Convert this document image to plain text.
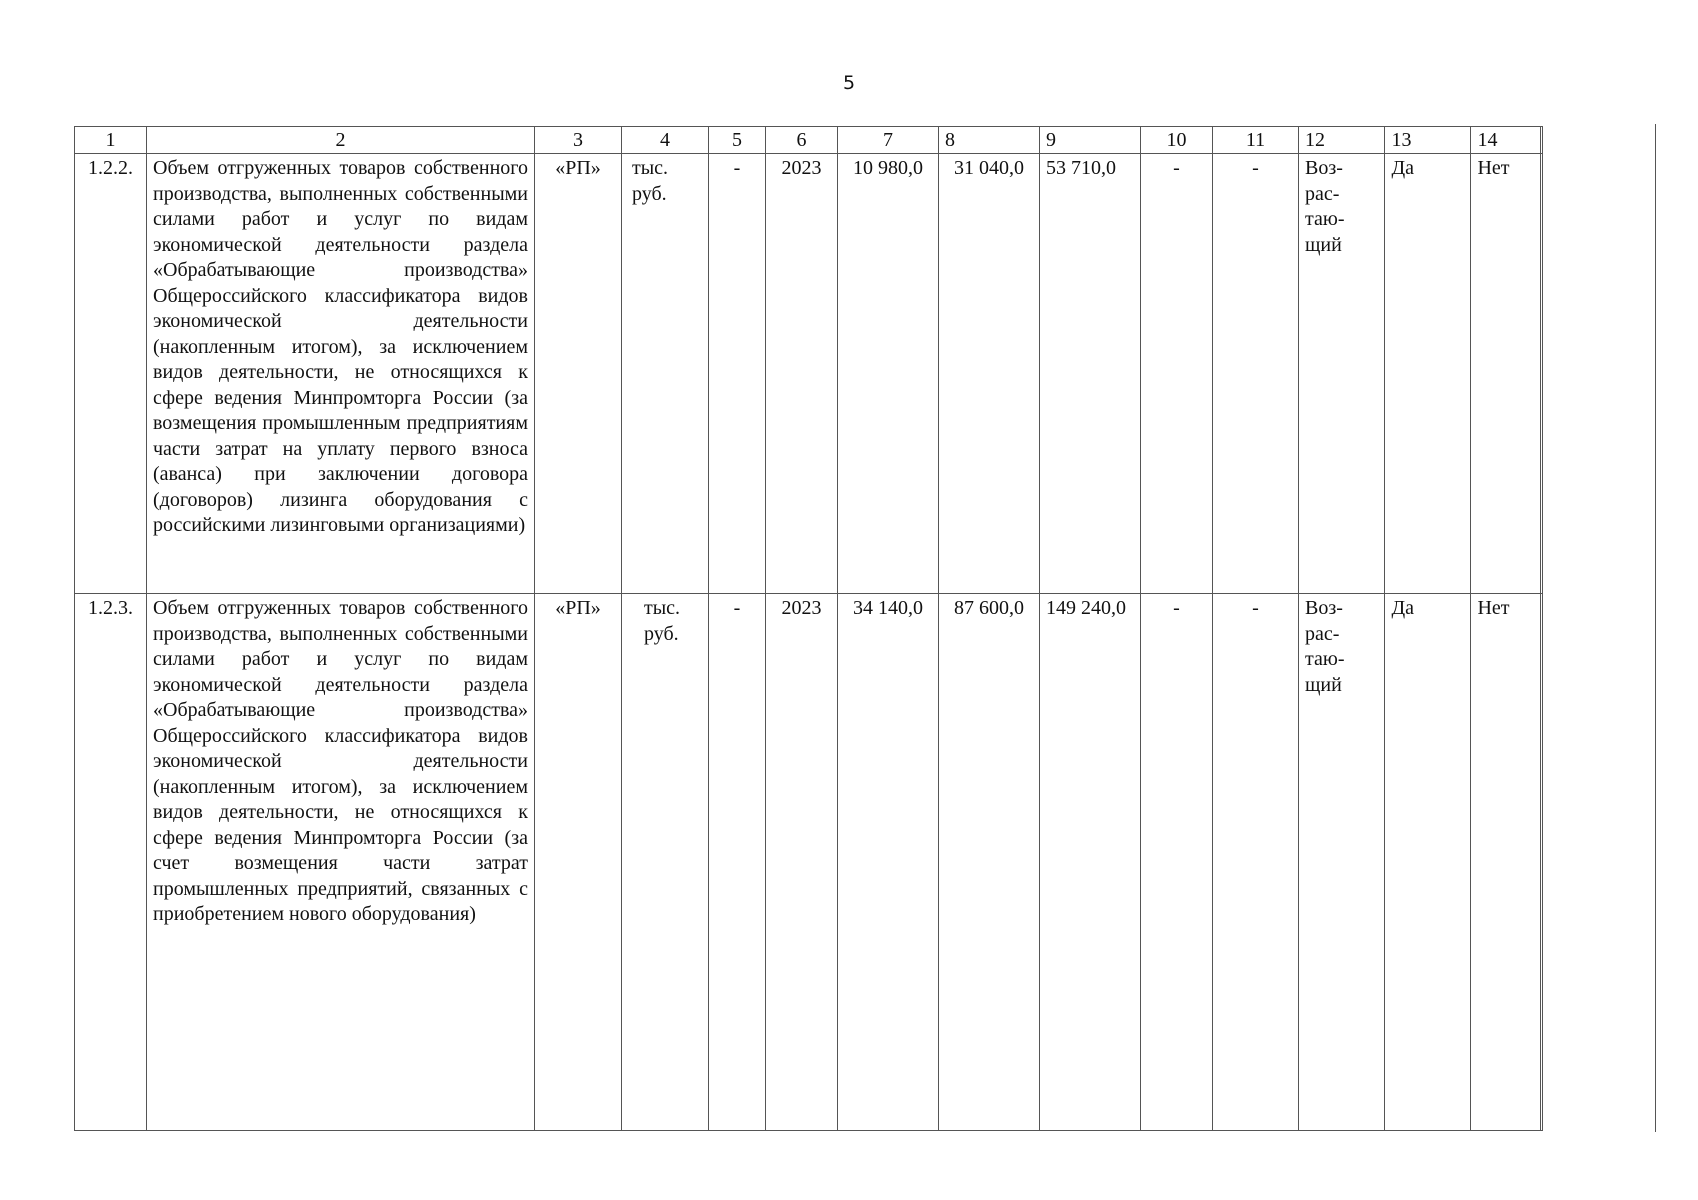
5
1	2	3	4	5	6	7	8	9	10	11	12	13	14
1.2.2.	Объем отгруженных товаров собственного производства, выполненных собственными силами работ и услуг по видам экономической деятельности раздела «Обрабатывающие производства» Общероссийского классификатора видов экономической деятельности (накопленным итогом), за исключением видов деятельности, не относящихся к сфере ведения Минпромторга России (за возмещения промышленным предприятиям части затрат на уплату первого взноса (аванса) при заключении договора (договоров) лизинга оборудования с российскими лизинговыми организациями)	«РП»	тыс. руб.	-	2023	10 980,0	31 040,0	53 710,0	-	-	Возрастающий	Да	Нет
1.2.3.	Объем отгруженных товаров собственного производства, выполненных собственными силами работ и услуг по видам экономической деятельности раздела «Обрабатывающие производства» Общероссийского классификатора видов экономической деятельности (накопленным итогом), за исключением видов деятельности, не относящихся к сфере ведения Минпромторга России (за счет возмещения части затрат промышленных предприятий, связанных с приобретением нового оборудования)	«РП»	тыс. руб.	-	2023	34 140,0	87 600,0	149 240,0	-	-	Возрастающий	Да	Нет
